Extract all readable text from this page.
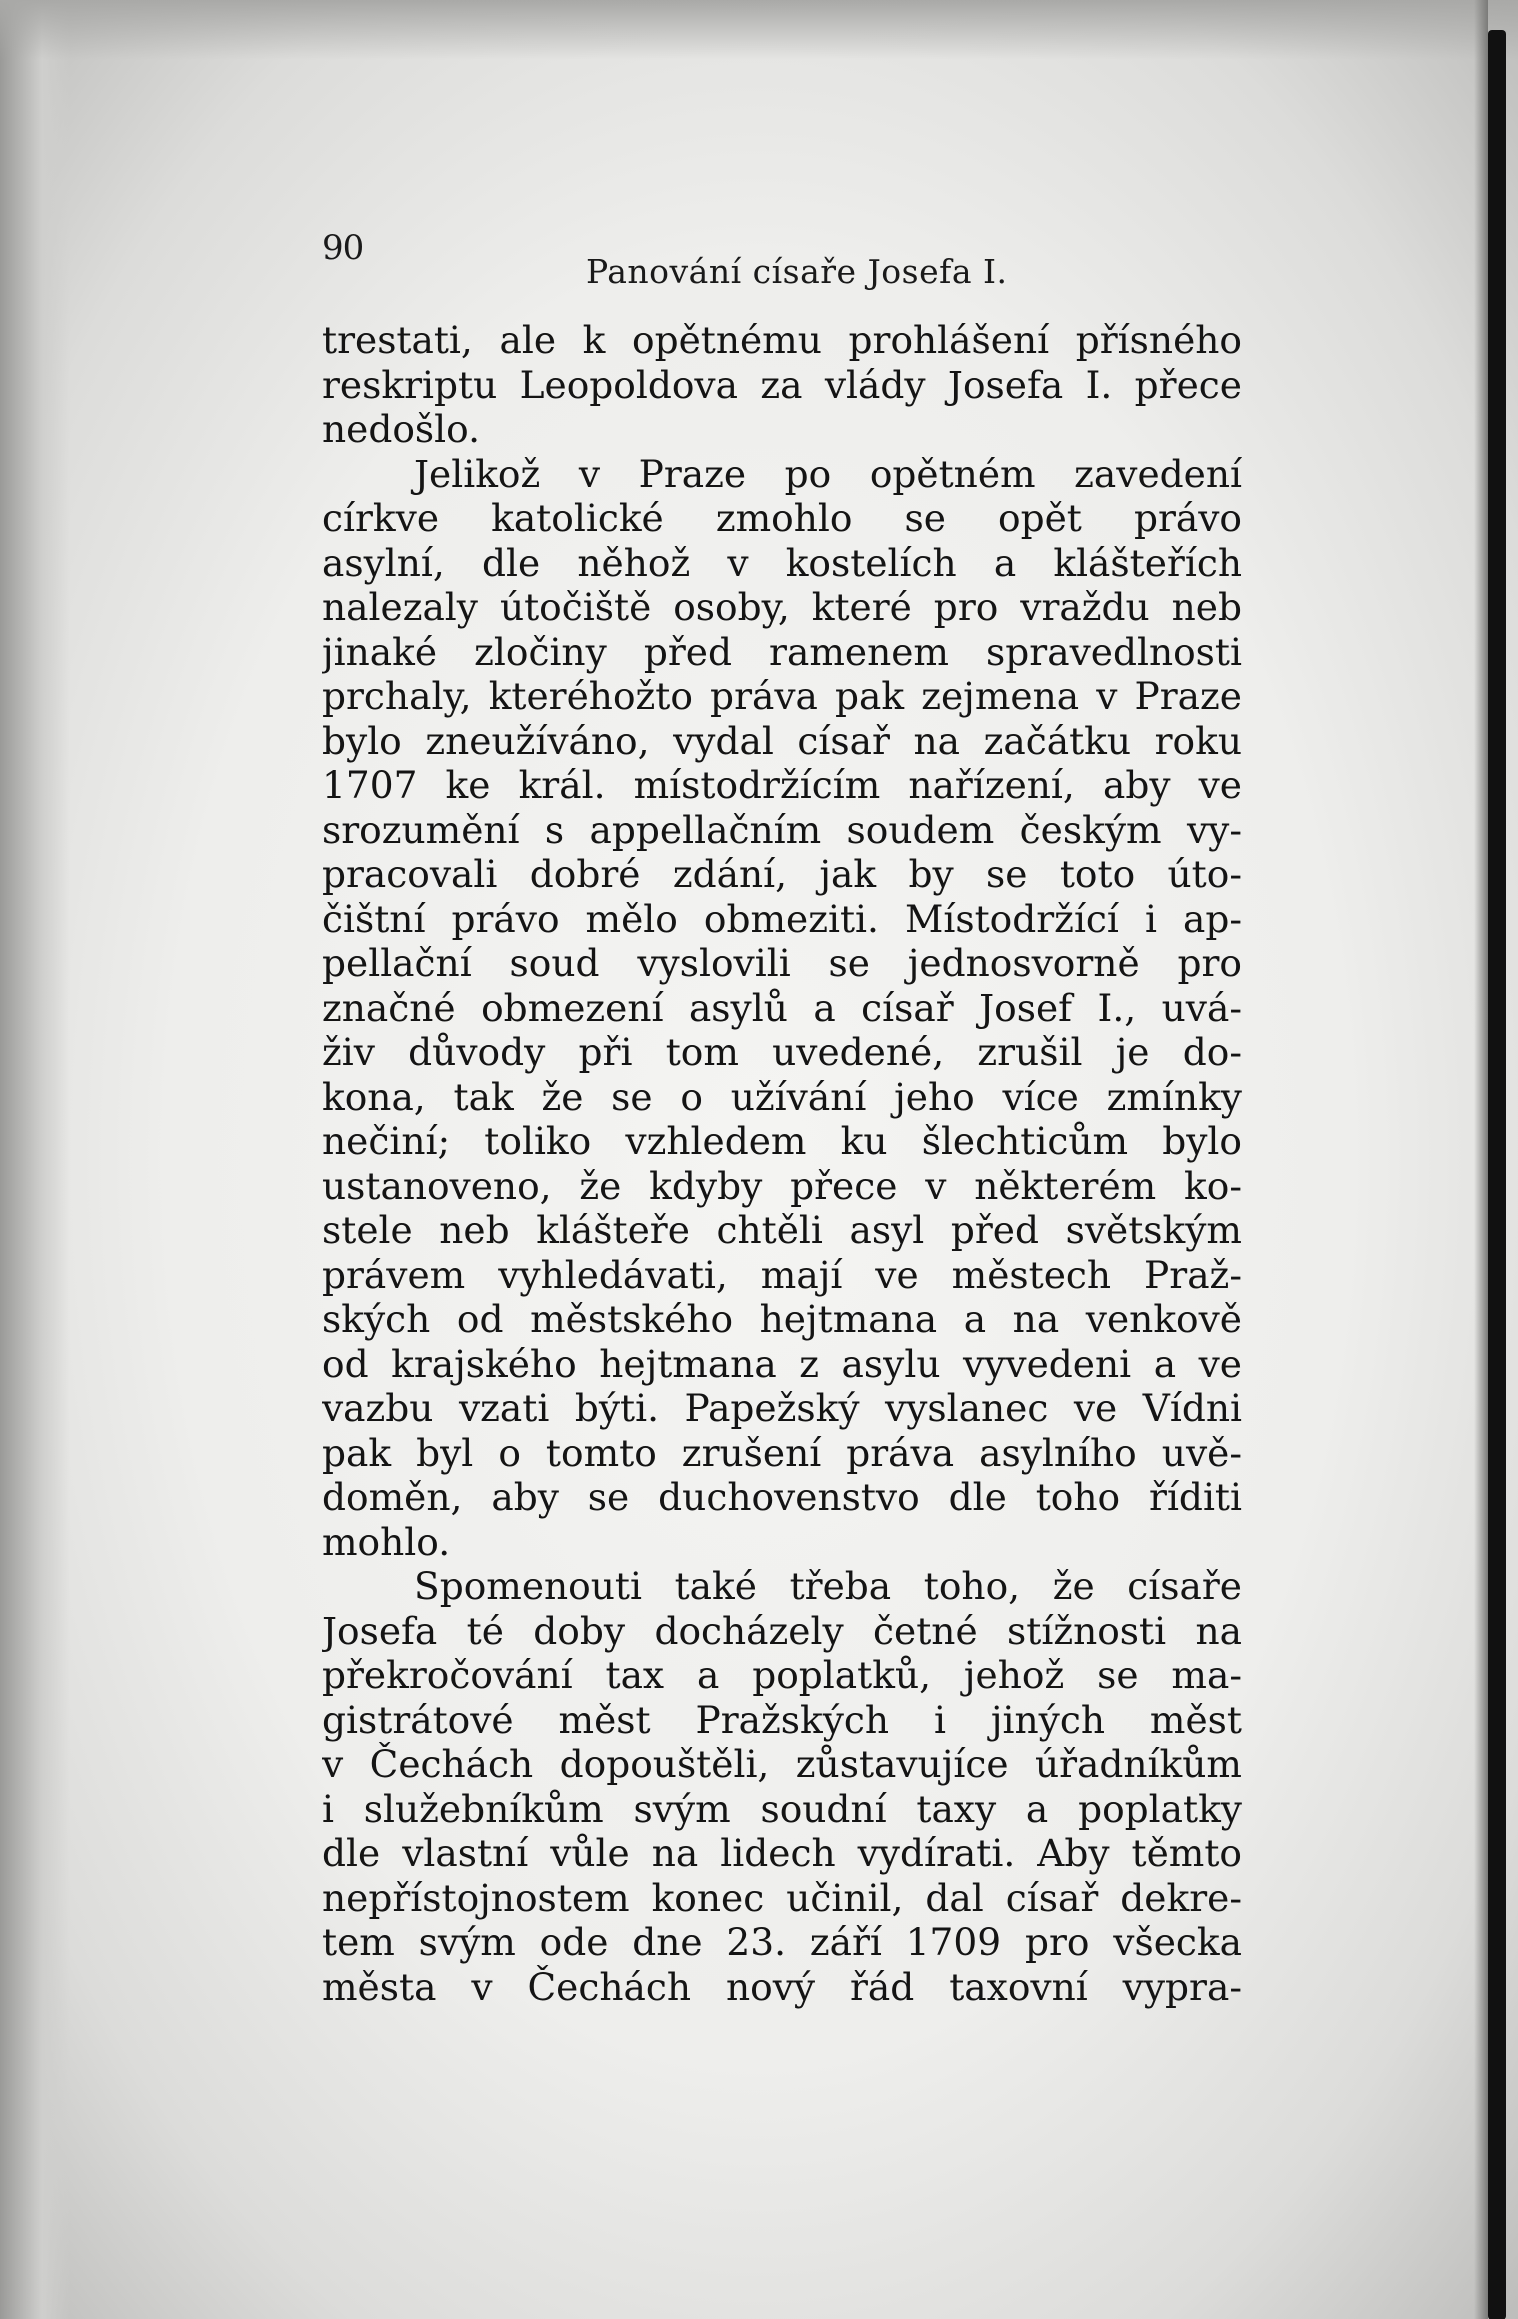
90
Panování císaře Josefa I.
trestati, ale k opětnému prohlášení přísného
reskriptu Leopoldova za vlády Josefa I. přece
nedošlo.
Jelikož v Praze po opětném zavedení
církve katolické zmohlo se opět právo
asylní, dle něhož v kostelích a klášteřích
nalezaly útočiště osoby, které pro vraždu neb
jinaké zločiny před ramenem spravedlnosti
prchaly, kteréhožto práva pak zejmena v Praze
bylo zneužíváno, vydal císař na začátku roku
1707 ke král. místodržícím nařízení, aby ve
srozumění s appellačním soudem českým vy-
pracovali dobré zdání, jak by se toto úto-
čištní právo mělo obmeziti. Místodržící i ap-
pellační soud vyslovili se jednosvorně pro
značné obmezení asylů a císař Josef I., uvá-
živ důvody při tom uvedené, zrušil je do-
kona, tak že se o užívání jeho více zmínky
nečiní; toliko vzhledem ku šlechticům bylo
ustanoveno, že kdyby přece v některém ko-
stele neb klášteře chtěli asyl před světským
právem vyhledávati, mají ve městech Praž-
ských od městského hejtmana a na venkově
od krajského hejtmana z asylu vyvedeni a ve
vazbu vzati býti. Papežský vyslanec ve Vídni
pak byl o tomto zrušení práva asylního uvě-
doměn, aby se duchovenstvo dle toho říditi
mohlo.
Spomenouti také třeba toho, že císaře
Josefa té doby docházely četné stížnosti na
překročování tax a poplatků, jehož se ma-
gistrátové měst Pražských i jiných měst
v Čechách dopouštěli, zůstavujíce úřadníkům
i služebníkům svým soudní taxy a poplatky
dle vlastní vůle na lidech vydírati. Aby těmto
nepřístojnostem konec učinil, dal císař dekre-
tem svým ode dne 23. září 1709 pro všecka
města v Čechách nový řád taxovní vypra-
